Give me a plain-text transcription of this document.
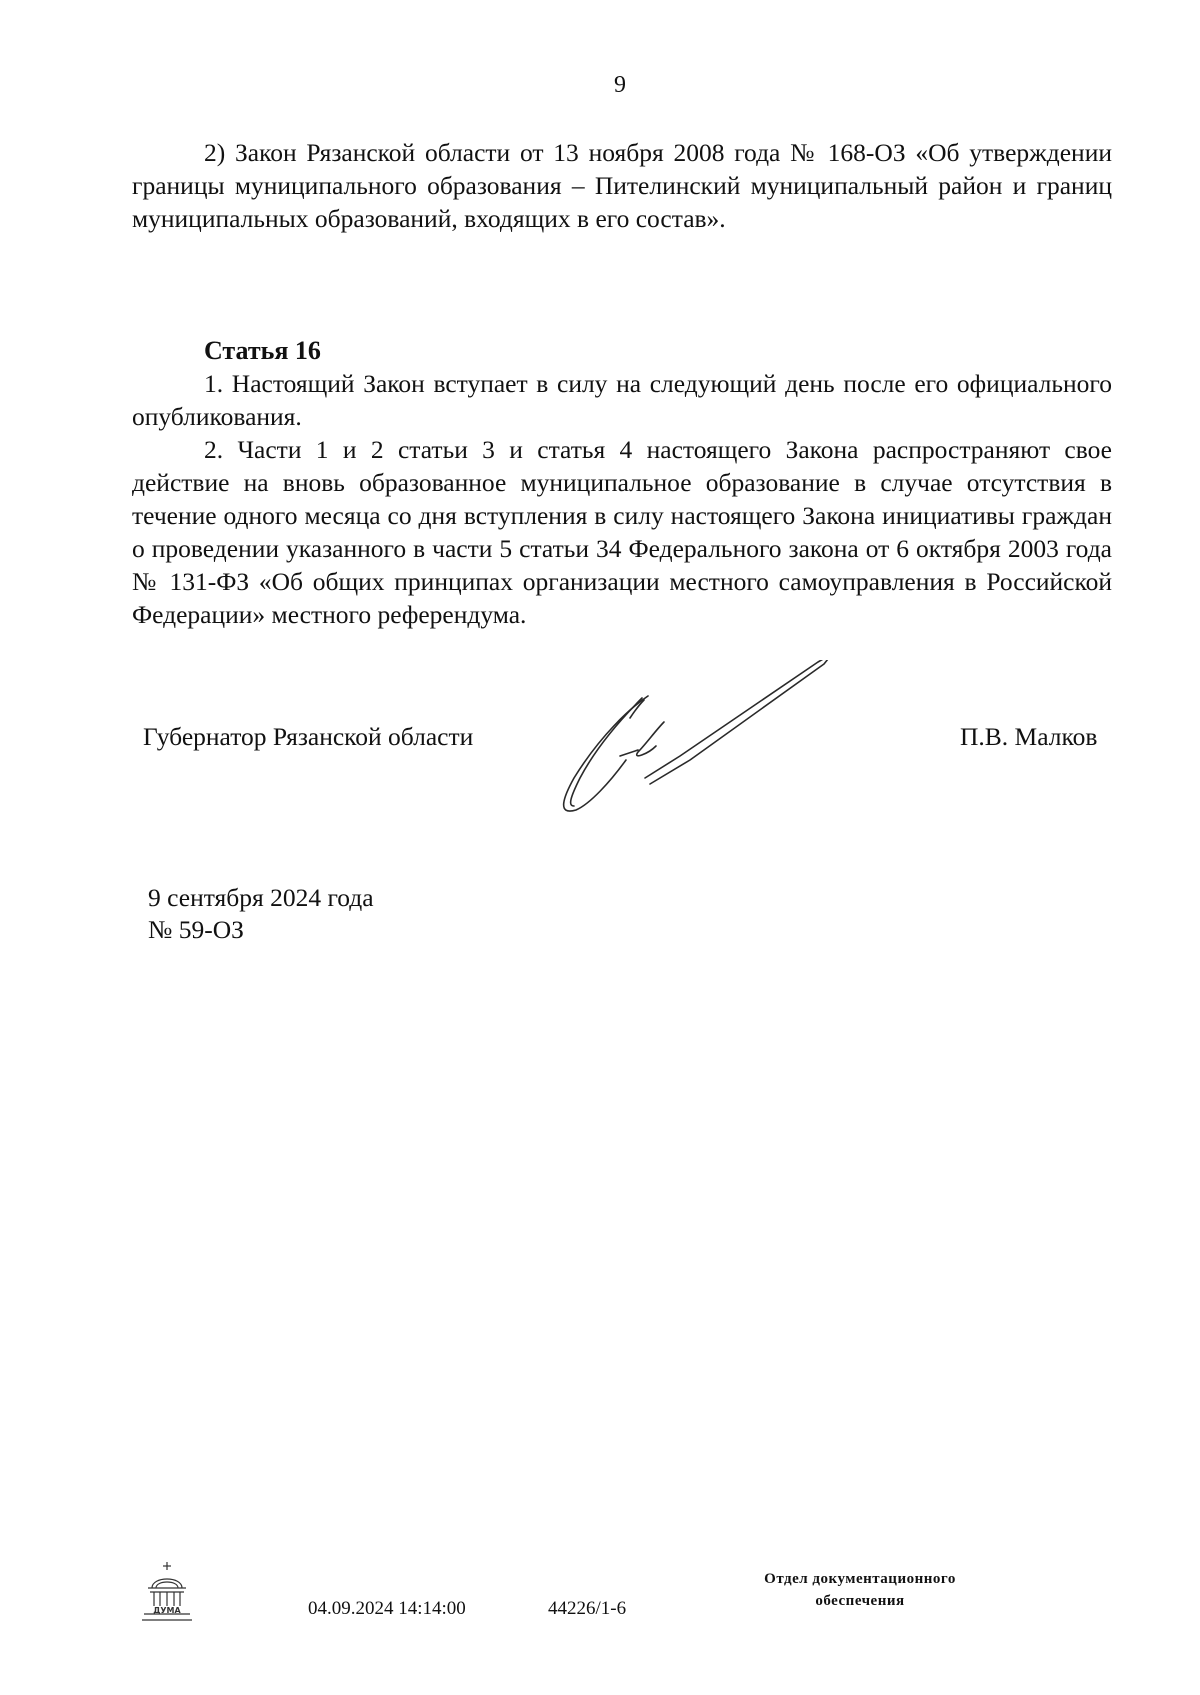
9

2) Закон Рязанской области от 13 ноября 2008 года № 168-ОЗ «Об утверждении границы муниципального образования – Пителинский муниципальный район и границ муниципальных образований, входящих в его состав».

Статья 16

1. Настоящий Закон вступает в силу на следующий день после его официального опубликования.

2. Части 1 и 2 статьи 3 и статья 4 настоящего Закона распространяют свое действие на вновь образованное муниципальное образование в случае отсутствия в течение одного месяца со дня вступления в силу настоящего Закона инициативы граждан о проведении указанного в части 5 статьи 34 Федерального закона от 6 октября 2003 года № 131-ФЗ «Об общих принципах организации местного самоуправления в Российской Федерации» местного референдума.

Губернатор Рязанской области	П.В. Малков
9 сентября 2024 года
№ 59-ОЗ
ДУМА	04.09.2024 14:14:00	44226/1-6
Отдел документационного
обеспечения
